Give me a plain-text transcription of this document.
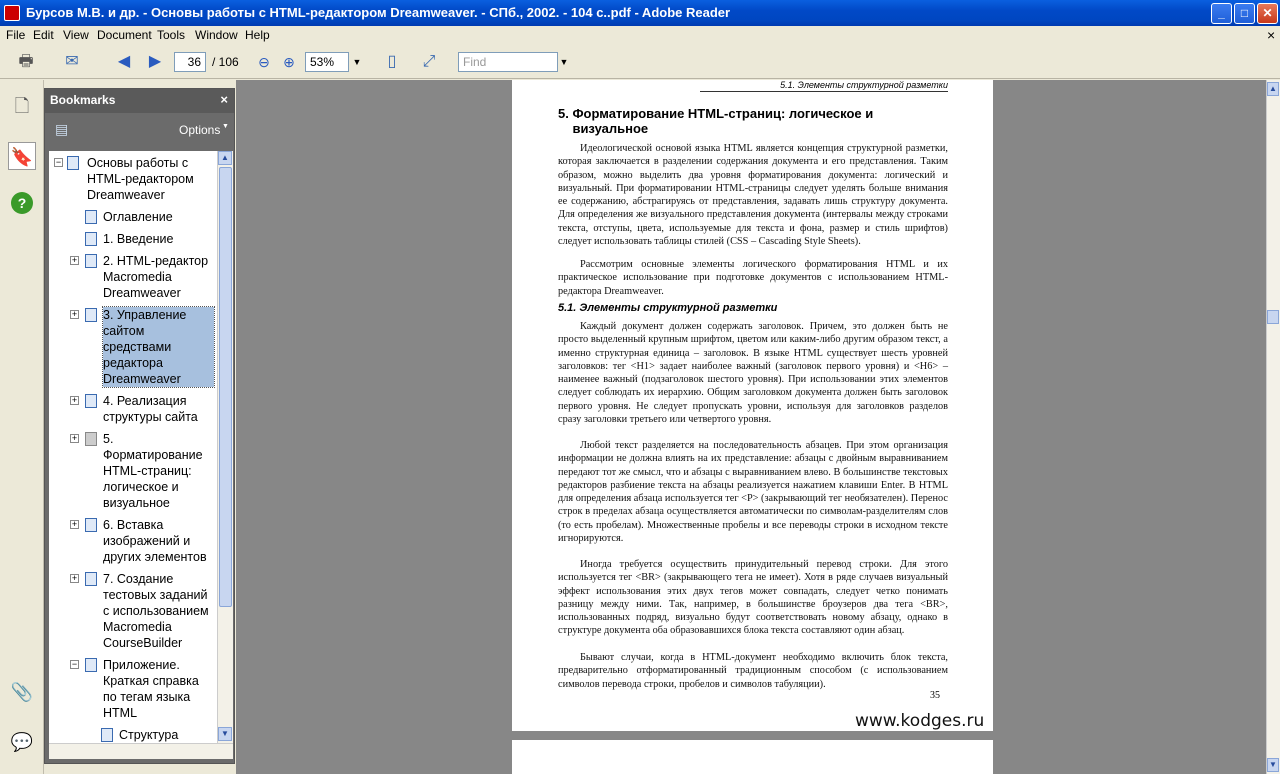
Бурсов М.В. и др. - Основы работы с HTML-редактором Dreamweaver. - СПб., 2002. - 104 с..pdf - Adobe Reader	_	□	✕
File Edit View Document Tools Window Help	×
🖶	✉	◀	▶	36 / 106	⊖ ⊕	53%	▼	▯	⤢	Find	▼
🗋
🔖
?
📎
💬
Bookmarks	×
▤	Options ▼
− Основы работы с
HTML-редактором
Dreamweaver
Оглавление
1. Введение
+ 2. HTML-редактор
Macromedia
Dreamweaver
+ 3. Управление
сайтом
средствами
редактора
Dreamweaver
+ 4. Реализация
структуры сайта
+ 5.
Форматирование
HTML-страниц:
логическое и
визуальное
+ 6. Вставка
изображений и
других элементов
+ 7. Создание
тестовых заданий
с использованием
Macromedia
CourseBuilder
− Приложение.
Краткая справка
по тегам языка
HTML
Структура
▲
▼
▲
▼
5.1. Элементы структурной разметки
5. Форматирование HTML-страниц: логическое и
визуальное
Идеологической основой языка HTML является концепция структурной разметки, которая заключается в разделении содержания документа и его представления. Таким образом, можно выделить два уровня форматирования документа: логический и визуальный. При форматировании HTML-страницы следует уделять больше внимания ее содержанию, абстрагируясь от представления, задавать лишь структуру документа. Для определения же визуального представления документа (интервалы между строками текста, отступы, цвета, используемые для текста и фона, размер и стиль шрифтов) следует использовать таблицы стилей (CSS – Cascading Style Sheets).
Рассмотрим основные элементы логического форматирования HTML и их практическое использование при подготовке документов с использованием HTML-редактора Dreamweaver.
5.1. Элементы структурной разметки
Каждый документ должен содержать заголовок. Причем, это должен быть не просто выделенный крупным шрифтом, цветом или каким-либо другим образом текст, а именно структурная единица – заголовок. В языке HTML существует шесть уровней заголовков: тег <H1> задает наиболее важный (заголовок первого уровня) и <H6> – наименее важный (подзаголовок шестого уровня). При использовании этих элементов следует соблюдать их иерархию. Общим заголовком документа должен быть заголовок первого уровня. Не следует пропускать уровни, используя для заголовков разделов сразу заголовки третьего или четвертого уровня.
Любой текст разделяется на последовательность абзацев. При этом организация информации не должна влиять на их представление: абзацы с двойным выравниванием передают тот же смысл, что и абзацы с выравниванием влево. В большинстве текстовых редакторов разбиение текста на абзацы реализуется нажатием клавиши Enter. В HTML для определения абзаца используется тег <P> (закрывающий тег необязателен). Перенос строк в пределах абзаца осуществляется автоматически по символам-разделителям слов (то есть пробелам). Множественные пробелы и все переводы строки в исходном тексте игнорируются.
Иногда требуется осуществить принудительный перевод строки. Для этого используется тег <BR> (закрывающего тега не имеет). Хотя в ряде случаев визуальный эффект использования этих двух тегов может совпадать, следует четко понимать разницу между ними. Так, например, в большинстве броузеров два тега <BR>, использованных подряд, визуально будут соответствовать новому абзацу, однако в структуре документа оба образовавшихся блока текста составляют один абзац.
Бывают случаи, когда в HTML-документ необходимо включить блок текста, предварительно отформатированный традиционным способом (с использованием символов перевода строки, пробелов и символов табуляции).
35
www.kodges.ru
